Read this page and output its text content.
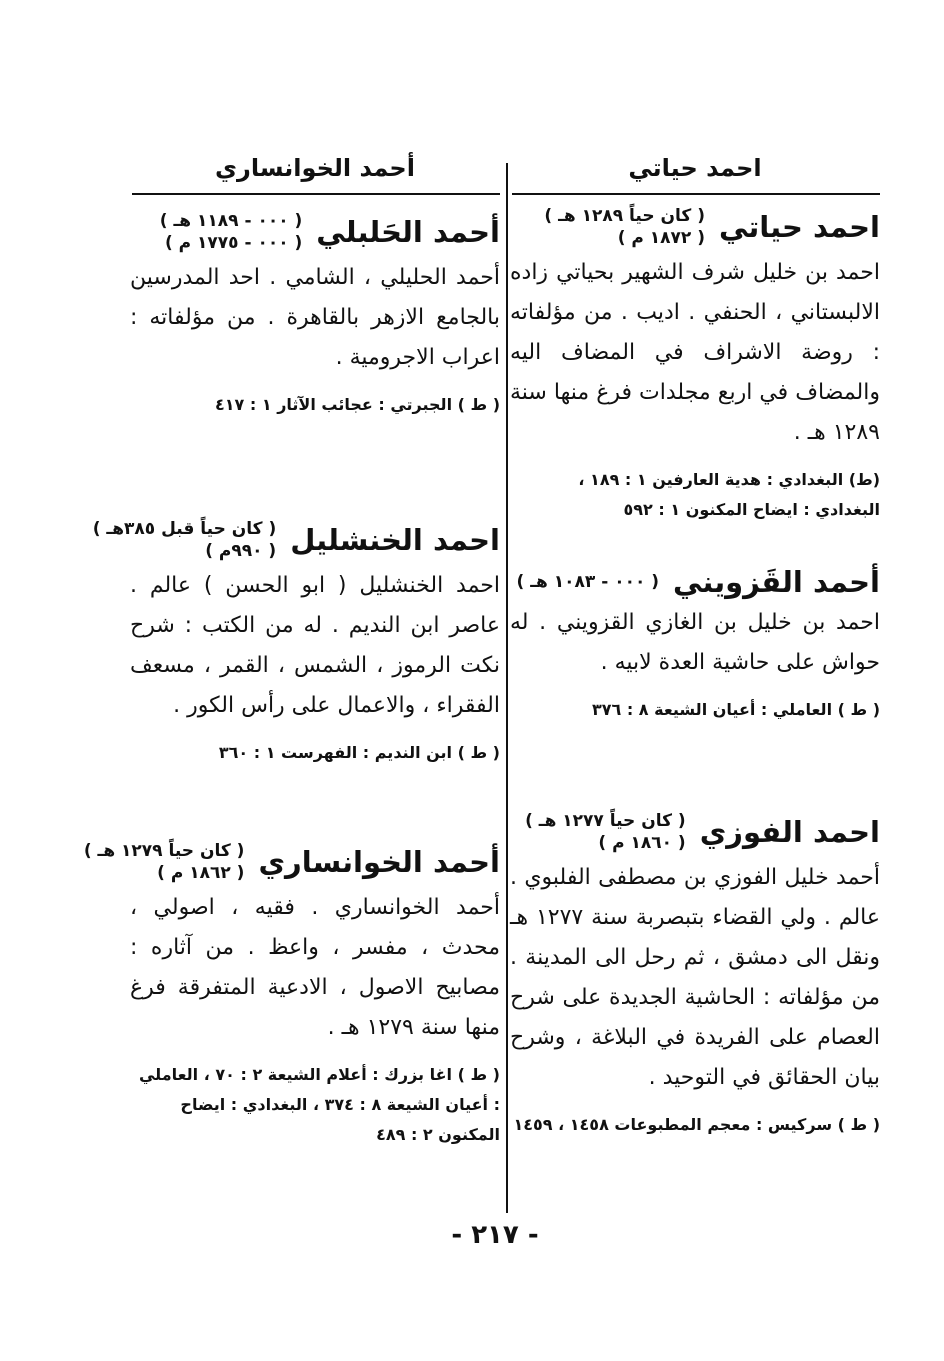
احمد حياتي
أحمد الخوانساري
احمد حياتي
( كان حياً ١٢٨٩ هـ )
( ١٨٧٢ م )
احمد بن خليل شرف الشهير بحياتي زاده الالبستاني ، الحنفي . اديب . من مؤلفاته : روضة الاشراف في المضاف اليه والمضاف في اربع مجلدات فرغ منها سنة ١٢٨٩ هـ .
(ط) البغدادي : هدية العارفين ١ : ١٨٩ ، البغدادي : ايضاح المكنون ١ : ٥٩٢
أحمد القَزويني
( ٠٠٠ - ١٠٨٣ هـ )
احمد بن خليل بن الغازي القزويني . له حواش على حاشية العدة لابيه .
( ط ) العاملي : أعيان الشيعة ٨ : ٣٧٦
احمد الفوزي
( كان حياً ١٢٧٧ هـ )
( ١٨٦٠ م )
أحمد خليل الفوزي بن مصطفى الفلبوي . عالم . ولي القضاء بتبصربة سنة ١٢٧٧ هـ ونقل الى دمشق ، ثم رحل الى المدينة . من مؤلفاته : الحاشية الجديدة على شرح العصام على الفريدة في البلاغة ، وشرح بيان الحقائق في التوحيد .
( ط ) سركيس : معجم المطبوعات ١٤٥٨ ، ١٤٥٩
أحمد الحَلبلي
( ٠٠٠ - ١١٨٩ هـ )
( ٠٠٠ - ١٧٧٥ م )
أحمد الحليلي ، الشامي . احد المدرسين بالجامع الازهر بالقاهرة . من مؤلفاته : اعراب الاجرومية .
( ط ) الجبرتي : عجائب الآثار ١ : ٤١٧
احمد الخنشليل
( كان حياً قبل ٣٨٥هـ )
( ٩٩٠م )
احمد الخنشليل ( ابو الحسن ) عالم . عاصر ابن النديم . له من الكتب : شرح نكت الرموز ، الشمس ، القمر ، مسعف الفقراء ، والاعمال على رأس الكور .
( ط ) ابن النديم : الفهرست ١ : ٣٦٠
أحمد الخوانساري
( كان حياً ١٢٧٩ هـ )
( ١٨٦٢ م )
أحمد الخوانساري . فقيه ، اصولي ، محدث ، مفسر ، واعظ . من آثاره : مصابيح الاصول ، الادعية المتفرقة فرغ منها سنة ١٢٧٩ هـ .
( ط ) اغا بزرك : أعلام الشيعة ٢ : ٧٠ ، العاملي : أعيان الشيعة ٨ : ٣٧٤ ، البغدادي : ايضاح المكنون ٢ : ٤٨٩
- ٢١٧ -
